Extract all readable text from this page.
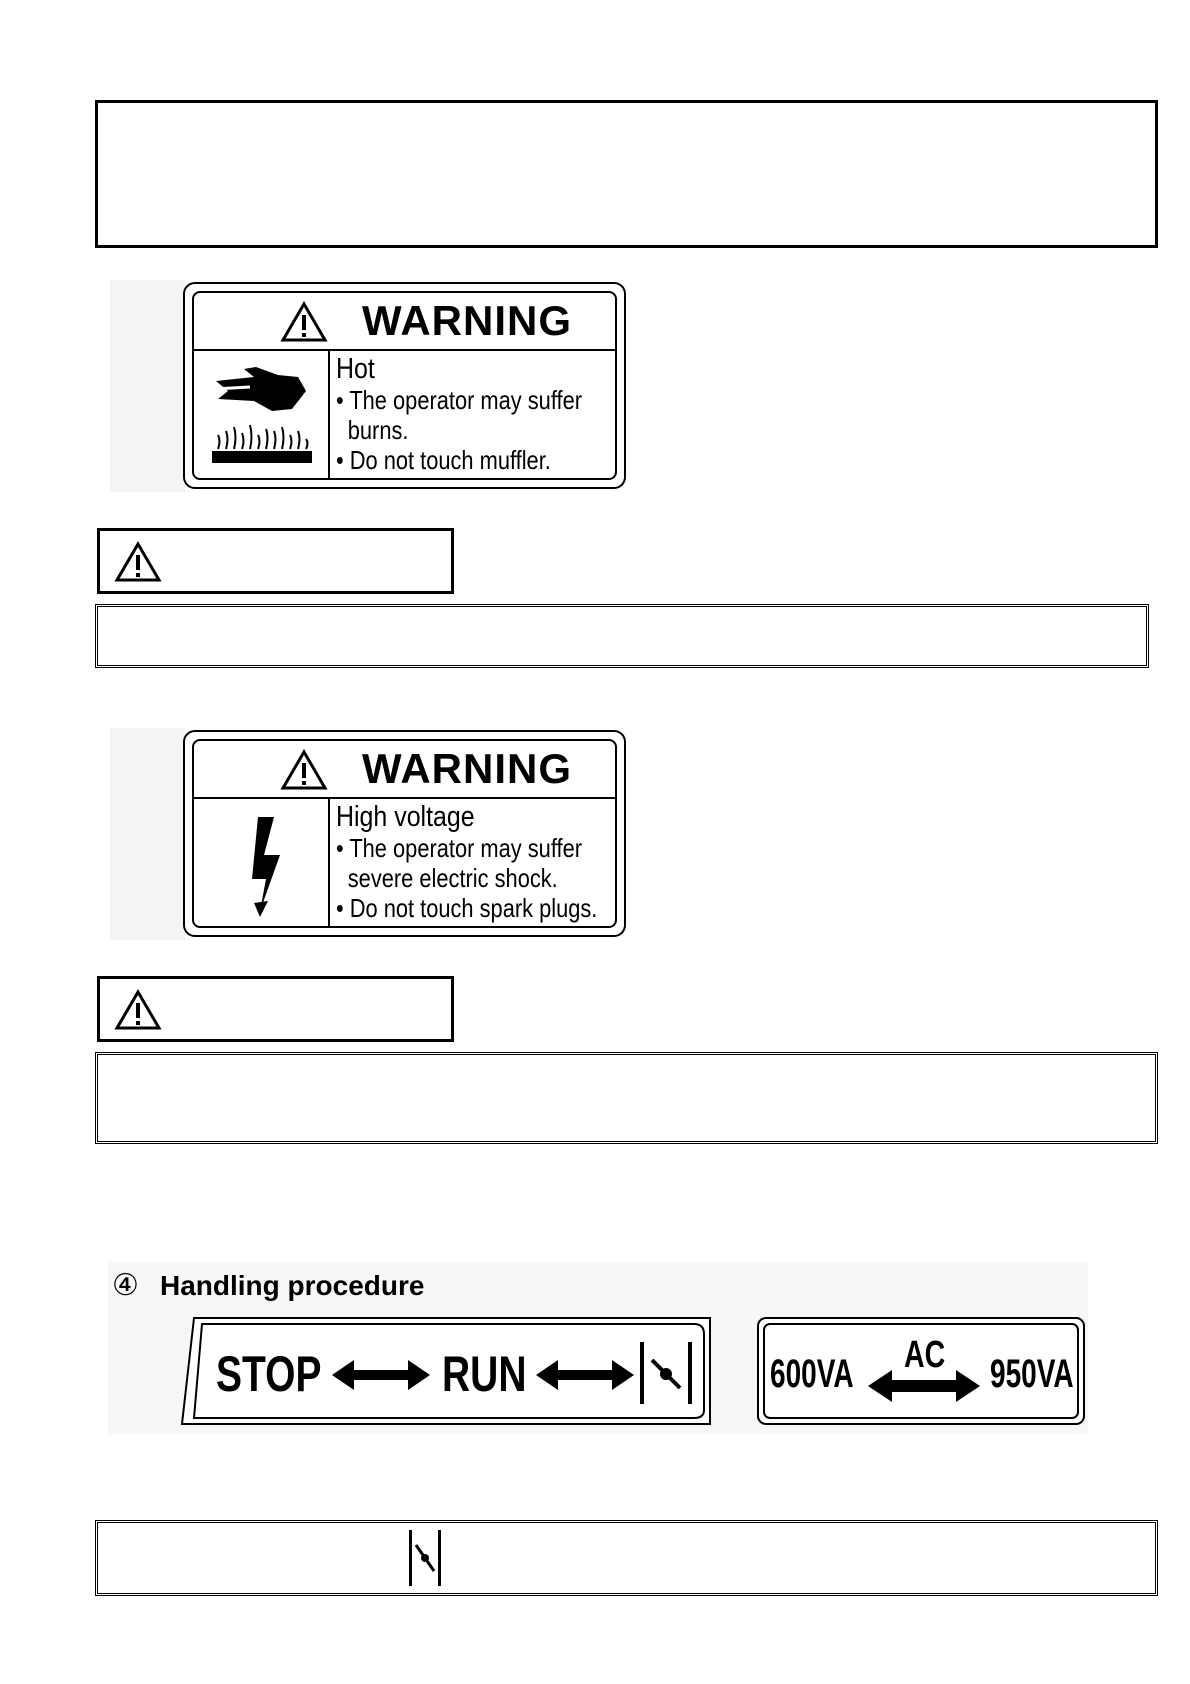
WARNING
Hot
• The operator may suffer
burns.
• Do not touch muffler.
WARNING
High voltage
• The operator may suffer
severe electric shock.
• Do not touch spark plugs.
④ Handling procedure
STOP	RUN	600VA	AC	950VA
